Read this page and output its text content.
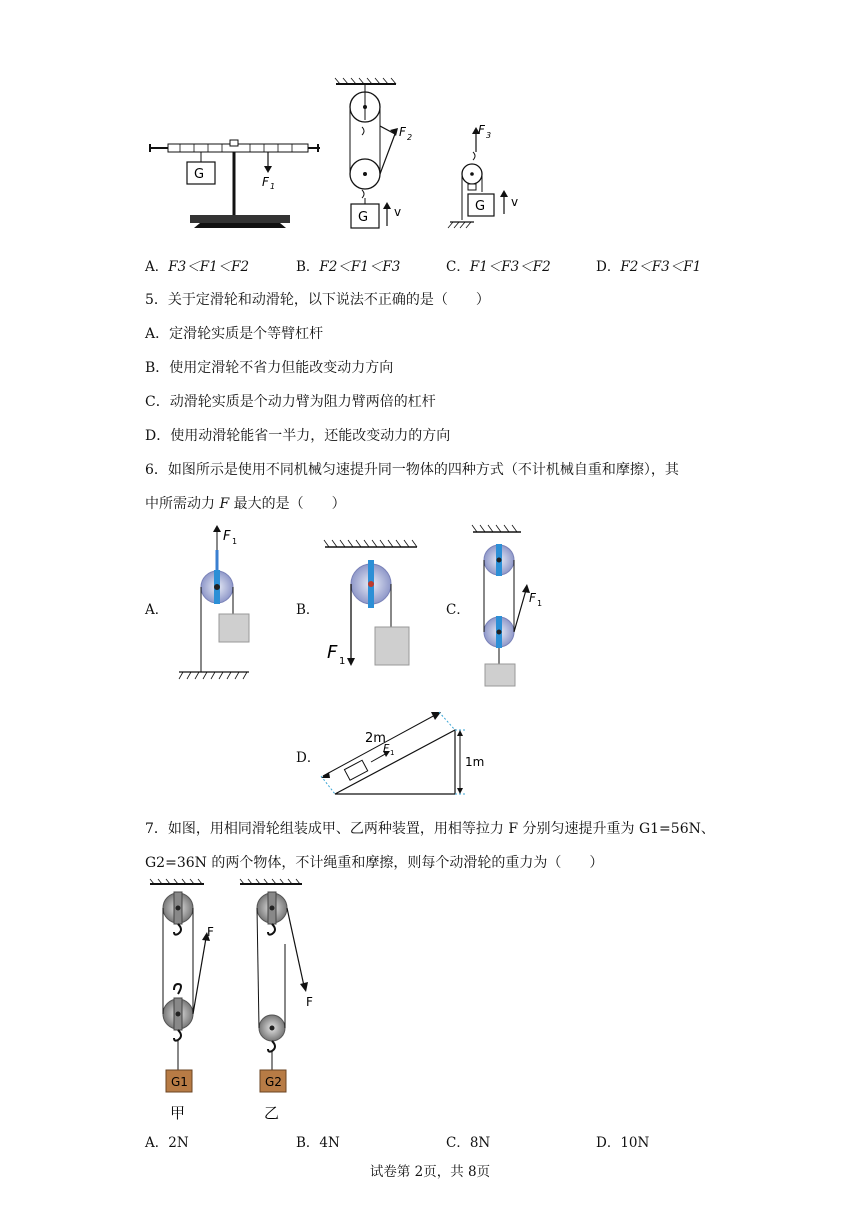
G	F 1
F 2
G v
F 3
G v
A．F3＜F1＜F2	B．F2＜F1＜F3	C．F1＜F3＜F2	D．F2＜F3＜F1
5．关于定滑轮和动滑轮，以下说法不正确的是（　　）
A．定滑轮实质是个等臂杠杆
B．使用定滑轮不省力但能改变动力方向
C．动滑轮实质是个动力臂为阻力臂两倍的杠杆
D．使用动滑轮能省一半力，还能改变动力的方向
6．如图所示是使用不同机械匀速提升同一物体的四种方式（不计机械自重和摩擦），其
中所需动力 F 最大的是（　　）
A．	B．	C．
D．
F 1
F 1
F 1
2m
1m
F 1
7．如图，用相同滑轮组装成甲、乙两种装置，用相等拉力 F 分别匀速提升重为 G1=56N、
G2=36N 的两个物体，不计绳重和摩擦，则每个动滑轮的重力为（　　）
F
G1
甲
F
G2
乙
A．2N	B．4N	C．8N	D．10N
试卷第 2页，共 8页
